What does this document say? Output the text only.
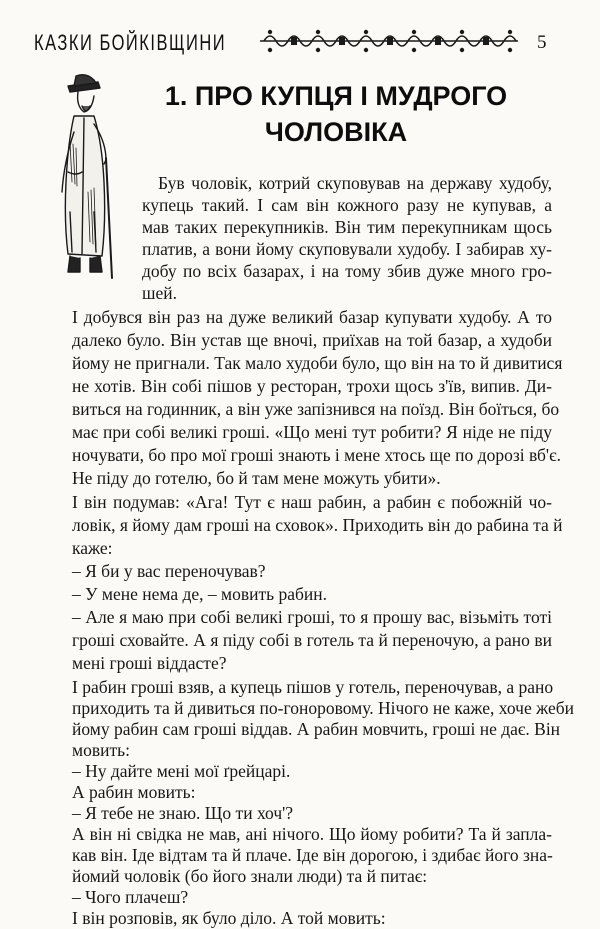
КАЗКИ БОЙКІВЩИНИ	5
1. ПРО КУПЦЯ І МУДРОГО
ЧОЛОВІКА
Був чоловік, котрий скуповував на державу худобу,
купець такий. І сам він кожного разу не купував, а
мав таких перекупників. Він тим перекупникам щось
платив, а вони йому скуповували худобу. І забирав ху-
добу по всіх базарах, і на тому збив дуже много гро-
шей.
І добувся він раз на дуже великий базар купувати худобу. А то
далеко було. Він устав ще вночі, приїхав на той базар, а худоби
йому не пригнали. Так мало худоби було, що він на то й дивитися
не хотів. Він собі пішов у ресторан, трохи щось з'їв, випив. Ди-
виться на годинник, а він уже запізнився на поїзд. Він боїться, бо
має при собі великі гроші. «Що мені тут робити? Я ніде не піду
ночувати, бо про мої гроші знають і мене хтось ще по дорозі вб'є.
Не піду до готелю, бо й там мене можуть убити».
І він подумав: «Ага! Тут є наш рабин, а рабин є побожній чо-
ловік, я йому дам гроші на сховок». Приходить він до рабина та й
каже:
– Я би у вас переночував?
– У мене нема де, – мовить рабин.
– Але я маю при собі великі гроші, то я прошу вас, візьміть тоті
гроші сховайте. А я піду собі в готель та й переночую, а рано ви
мені гроші віддасте?
І рабин гроші взяв, а купець пішов у готель, переночував, а рано
приходить та й дивиться по-гоноровому. Нічого не каже, хоче жеби
йому рабин сам гроші віддав. А рабин мовчить, гроші не дає. Він
мовить:
– Ну дайте мені мої ґрейцарі.
А рабин мовить:
– Я тебе не знаю. Що ти хоч'?
А він ні свідка не мав, ані нічого. Що йому робити? Та й запла-
кав він. Іде відтам та й плаче. Іде він дорогою, і здибає його зна-
йомий чоловік (бо його знали люди) та й питає:
– Чого плачеш?
І він розповів, як було діло. А той мовить:
